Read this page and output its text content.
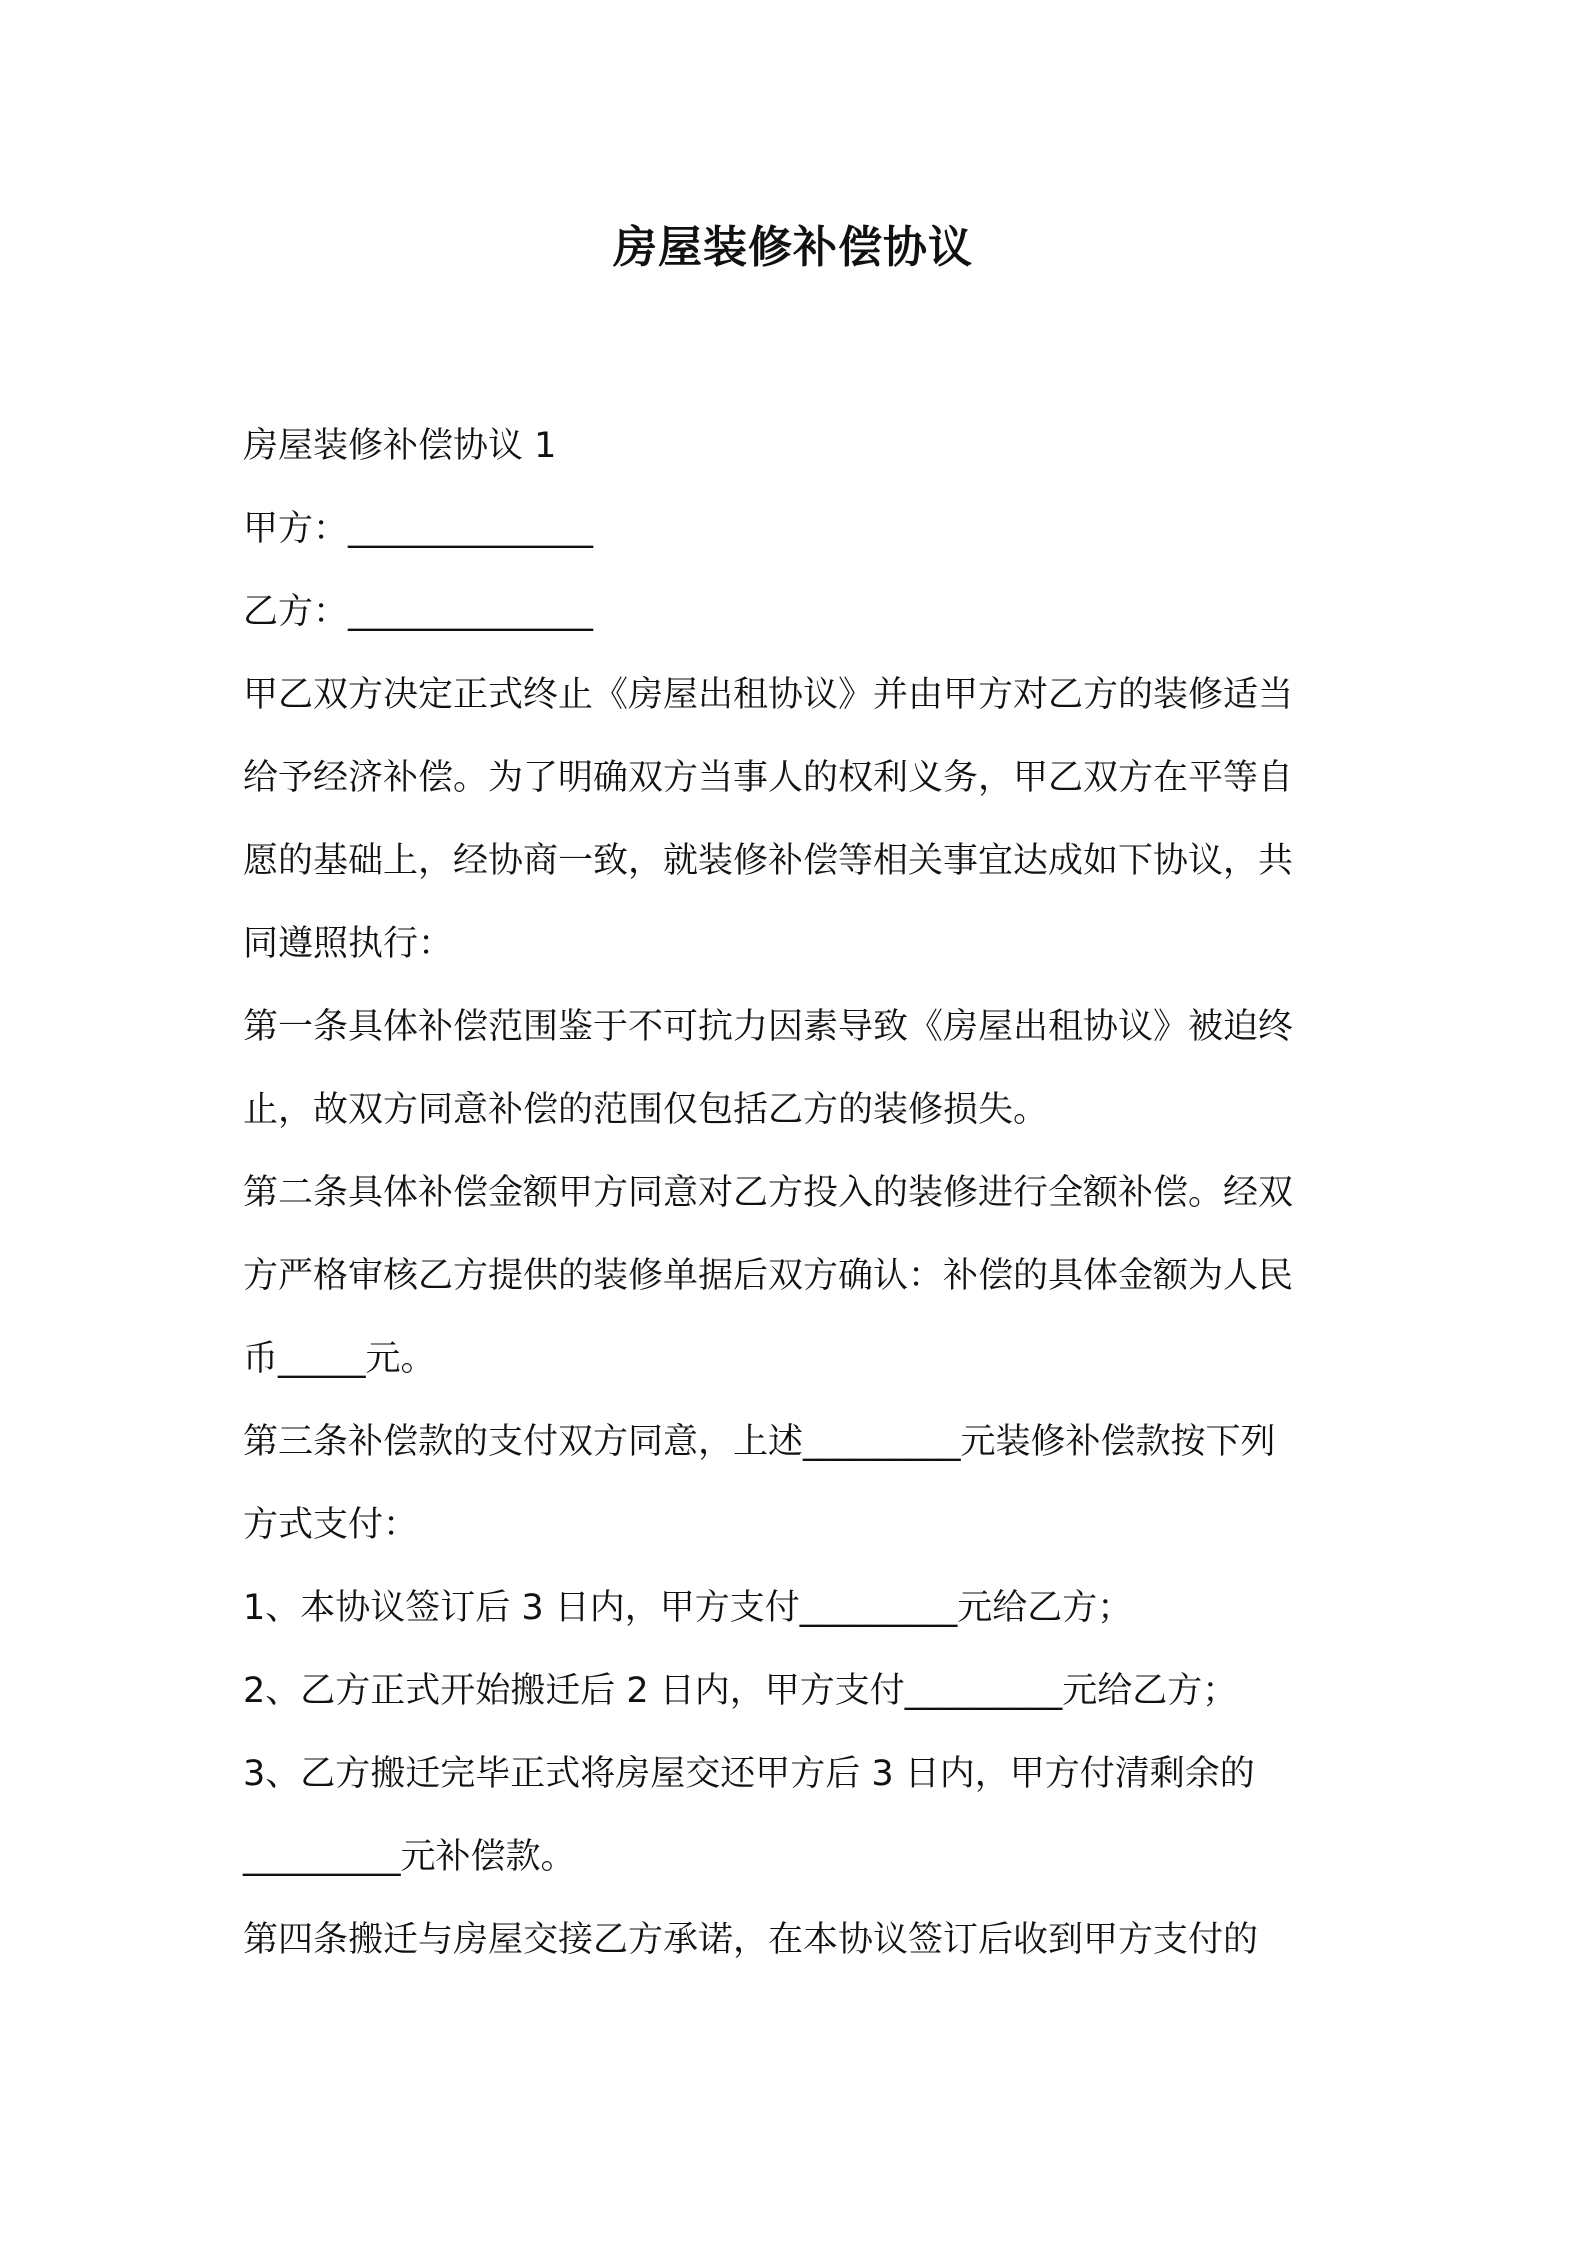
房屋装修补偿协议
房屋装修补偿协议 1
甲方：______________
乙方：______________
甲乙双方决定正式终止《房屋出租协议》并由甲方对乙方的装修适当
给予经济补偿。为了明确双方当事人的权利义务，甲乙双方在平等自
愿的基础上，经协商一致，就装修补偿等相关事宜达成如下协议，共
同遵照执行：
第一条具体补偿范围鉴于不可抗力因素导致《房屋出租协议》被迫终
止，故双方同意补偿的范围仅包括乙方的装修损失。
第二条具体补偿金额甲方同意对乙方投入的装修进行全额补偿。经双
方严格审核乙方提供的装修单据后双方确认：补偿的具体金额为人民
币_____元。
第三条补偿款的支付双方同意，上述_________元装修补偿款按下列
方式支付：
1、本协议签订后 3 日内，甲方支付_________元给乙方；
2、乙方正式开始搬迁后 2 日内，甲方支付_________元给乙方；
3、乙方搬迁完毕正式将房屋交还甲方后 3 日内，甲方付清剩余的
_________元补偿款。
第四条搬迁与房屋交接乙方承诺，在本协议签订后收到甲方支付的
